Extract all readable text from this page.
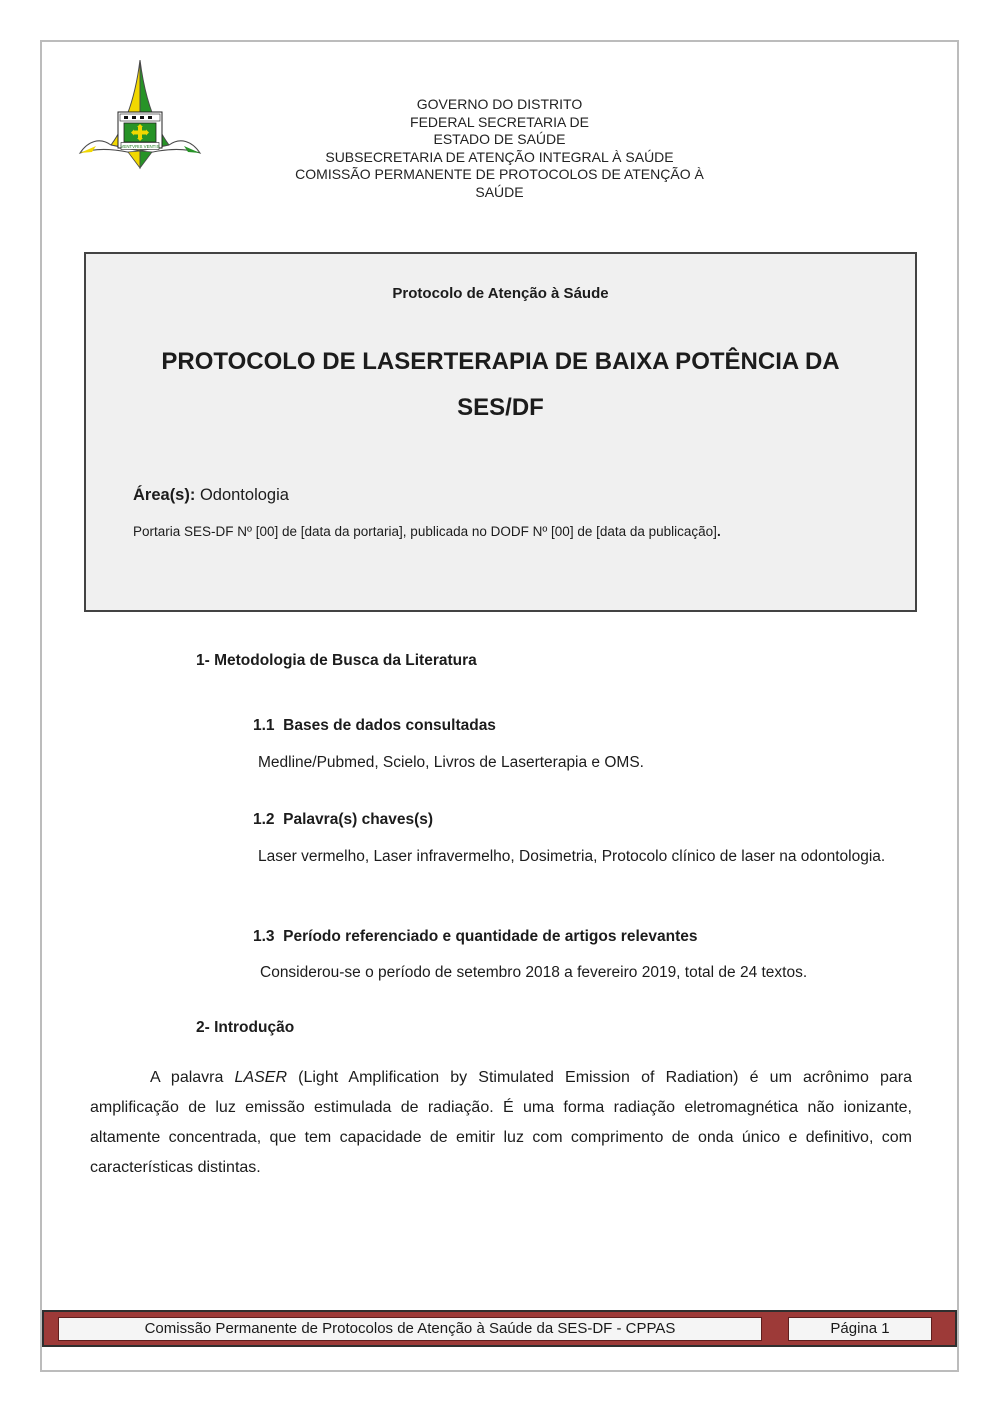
VENTVRIS VENTIS
GOVERNO DO DISTRITO
FEDERAL SECRETARIA DE
ESTADO DE SAÚDE
SUBSECRETARIA DE ATENÇÃO INTEGRAL À SAÚDE
COMISSÃO PERMANENTE DE PROTOCOLOS DE ATENÇÃO À
SAÚDE
Protocolo de Atenção à Sáude
PROTOCOLO DE LASERTERAPIA DE BAIXA POTÊNCIA DA
SES/DF
Área(s): Odontologia
Portaria SES-DF Nº [00] de [data da portaria], publicada no DODF Nº [00] de [data da publicação].
1- Metodologia de Busca da Literatura
1.1  Bases de dados consultadas
Medline/Pubmed, Scielo, Livros de Laserterapia e OMS.
1.2  Palavra(s) chaves(s)
Laser vermelho, Laser infravermelho, Dosimetria, Protocolo clínico de laser na odontologia.
1.3  Período referenciado e quantidade de artigos relevantes
Considerou-se o período de setembro 2018 a fevereiro 2019, total de 24 textos.
2- Introdução

A palavra LASER (Light Amplification by Stimulated Emission of Radiation) é um acrônimo para amplificação de luz emissão estimulada de radiação. É uma forma radiação eletromagnética não ionizante, altamente concentrada, que tem capacidade de emitir luz com comprimento de onda único e definitivo, com características distintas.

Comissão Permanente de Protocolos de Atenção à Saúde da SES-DF - CPPAS	Página 1
